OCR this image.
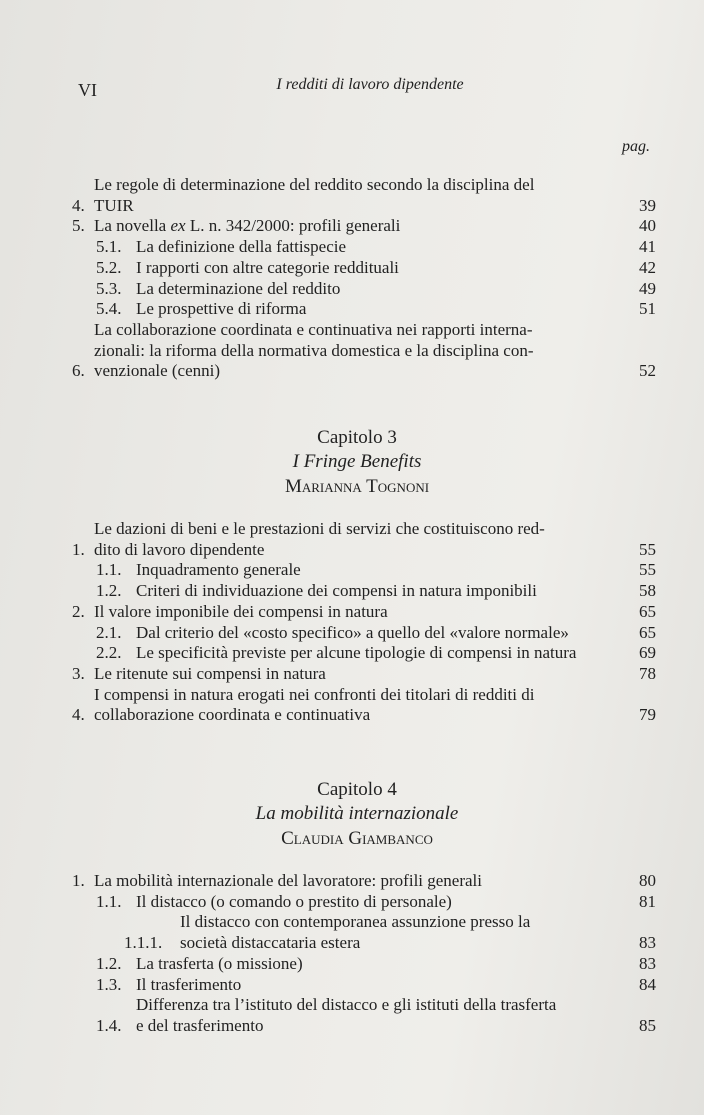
VI	I redditi di lavoro dipendente
pag.
4.
Le regole di determinazione del reddito secondo la disciplina del
TUIR	39
5. La novella ex L. n. 342/2000: profili generali	40
5.1. La definizione della fattispecie	41
5.2. I rapporti con altre categorie reddituali	42
5.3. La determinazione del reddito	49
5.4. Le prospettive di riforma	51
6.
La collaborazione coordinata e continuativa nei rapporti interna-
zionali: la riforma della normativa domestica e la disciplina con-
venzionale (cenni)	52
Capitolo 3
I Fringe Benefits
Marianna Tognoni
1.
Le dazioni di beni e le prestazioni di servizi che costituiscono red-
dito di lavoro dipendente	55
1.1. Inquadramento generale	55
1.2. Criteri di individuazione dei compensi in natura imponibili	58
2. Il valore imponibile dei compensi in natura	65
2.1. Dal criterio del «costo specifico» a quello del «valore normale»	65
2.2. Le specificità previste per alcune tipologie di compensi in natura	69
3. Le ritenute sui compensi in natura	78
4.
I compensi in natura erogati nei confronti dei titolari di redditi di
collaborazione coordinata e continuativa	79
Capitolo 4
La mobilità internazionale
Claudia Giambanco
1. La mobilità internazionale del lavoratore: profili generali	80
1.1. Il distacco (o comando o prestito di personale)	81
1.1.1.
Il distacco con contemporanea assunzione presso la
società distaccataria estera	83
1.2. La trasferta (o missione)	83
1.3. Il trasferimento	84
1.4.
Differenza tra l’istituto del distacco e gli istituti della trasferta
e del trasferimento	85
